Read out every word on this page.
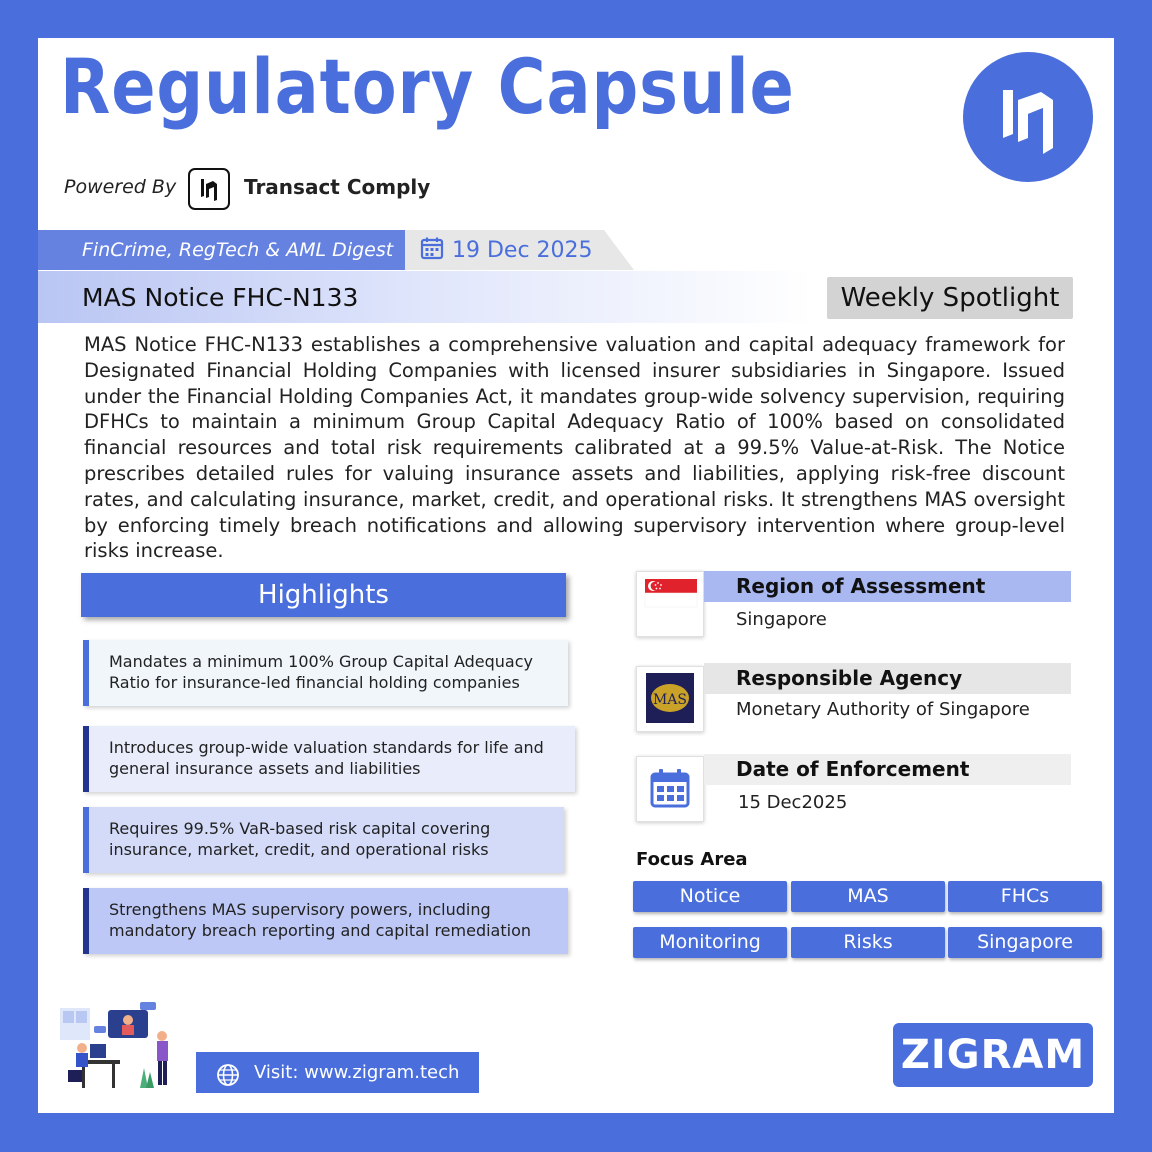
Regulatory Capsule
Powered By	Transact Comply
FinCrime, RegTech & AML Digest	19 Dec 2025
MAS Notice FHC-N133	Weekly Spotlight
MAS Notice FHC-N133 establishes a comprehensive valuation and capital adequacy framework for Designated Financial Holding Companies with licensed insurer subsidiaries in Singapore. Issued under the Financial Holding Companies Act, it mandates group-wide solvency supervision, requiring DFHCs to maintain a minimum Group Capital Adequacy Ratio of 100% based on consolidated financial resources and total risk requirements calibrated at a 99.5% Value-at-Risk. The Notice prescribes detailed rules for valuing insurance assets and liabilities, applying risk-free discount rates, and calculating insurance, market, credit, and operational risks. It strengthens MAS oversight by enforcing timely breach notifications and allowing supervisory intervention where group-level risks increase.
Highlights
Mandates a minimum 100% Group Capital Adequacy Ratio for insurance-led financial holding companies
Introduces group-wide valuation standards for life and general insurance assets and liabilities
Requires 99.5% VaR-based risk capital covering insurance, market, credit, and operational risks
Strengthens MAS supervisory powers, including mandatory breach reporting and capital remediation
Region of Assessment
Singapore
MAS
Responsible Agency
Monetary Authority of Singapore
Date of Enforcement
15 Dec2025
Focus Area
Notice	MAS	FHCs
Monitoring	Risks	Singapore
Visit: www.zigram.tech	ZIGRAM
